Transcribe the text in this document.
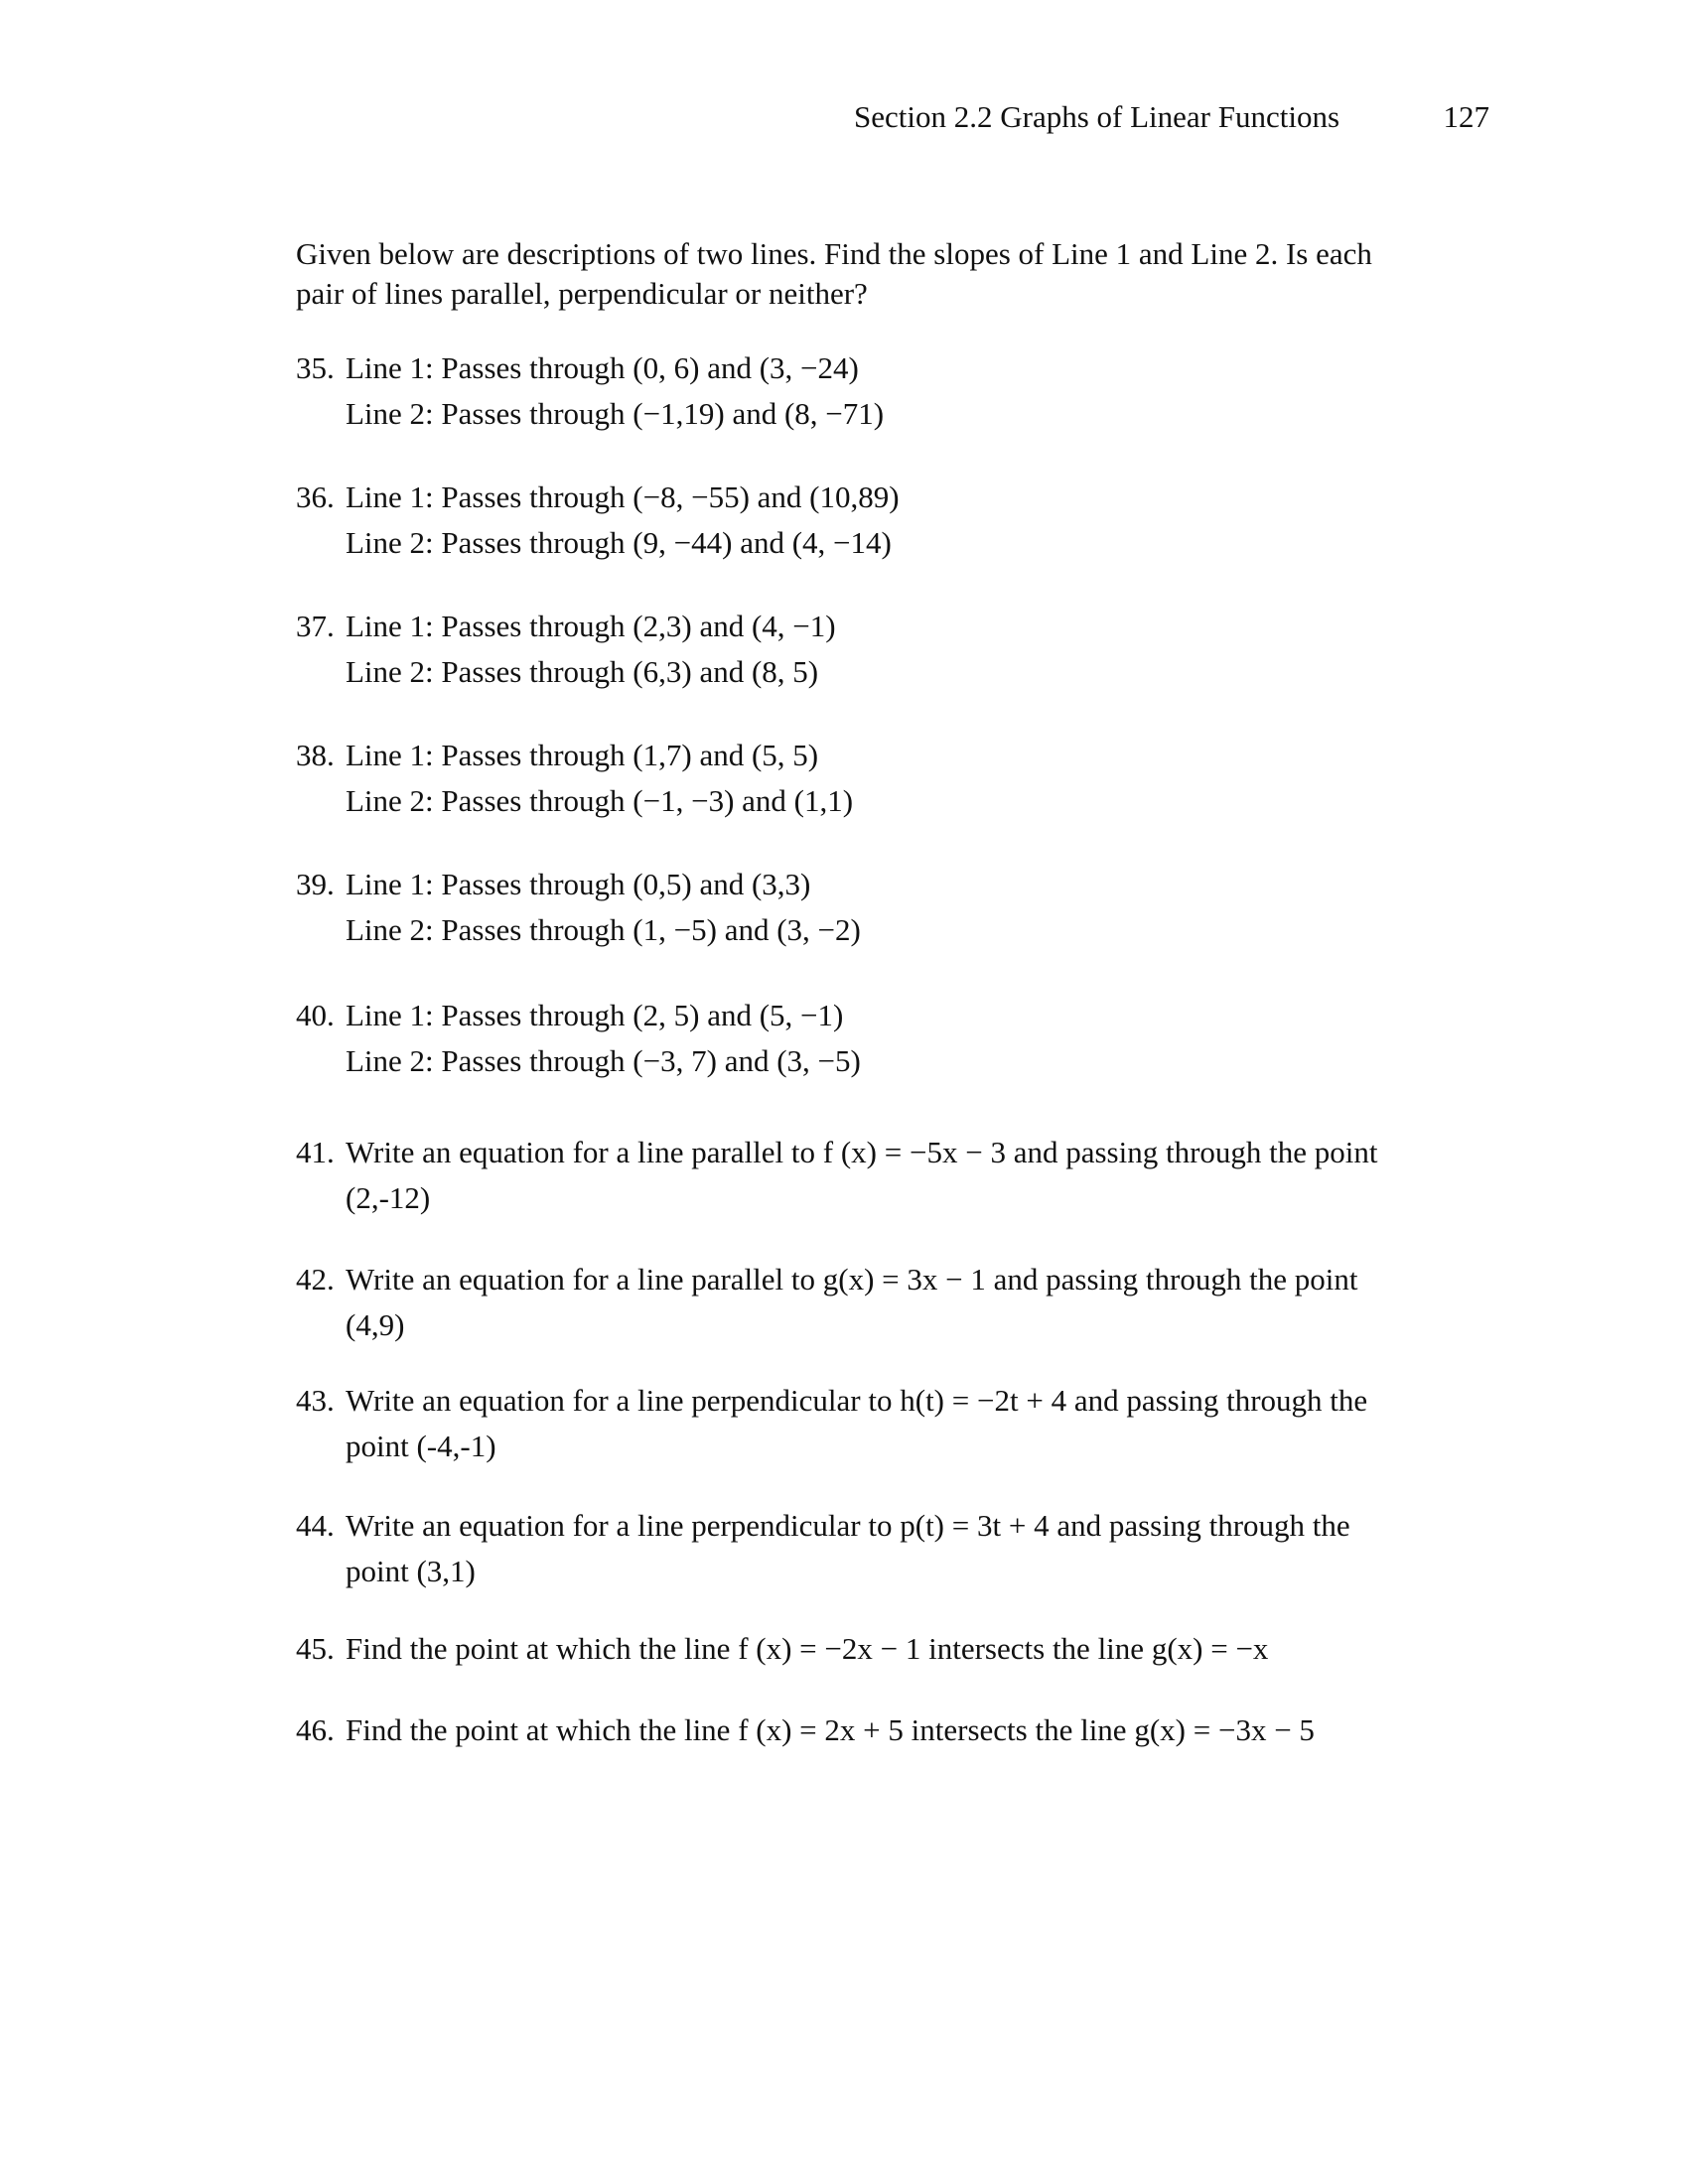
Section 2.2 Graphs of Linear Functions	127
Given below are descriptions of two lines. Find the slopes of Line 1 and Line 2. Is each
pair of lines parallel, perpendicular or neither?
35. Line 1: Passes through (0, 6) and (3, −24)
Line 2: Passes through (−1,19) and (8, −71)
36. Line 1: Passes through (−8, −55) and (10,89)
Line 2: Passes through (9, −44) and (4, −14)
37. Line 1: Passes through (2,3) and (4, −1)
Line 2: Passes through (6,3) and (8, 5)
38. Line 1: Passes through (1,7) and (5, 5)
Line 2: Passes through (−1, −3) and (1,1)
39. Line 1: Passes through (0,5) and (3,3)
Line 2: Passes through (1, −5) and (3, −2)
40. Line 1: Passes through (2, 5) and (5, −1)
Line 2: Passes through (−3, 7) and (3, −5)
41. Write an equation for a line parallel to f (x) = −5x − 3 and passing through the point
(2,-12)
42. Write an equation for a line parallel to g(x) = 3x − 1 and passing through the point
(4,9)
43. Write an equation for a line perpendicular to h(t) = −2t + 4 and passing through the
point (-4,-1)
44. Write an equation for a line perpendicular to p(t) = 3t + 4 and passing through the
point (3,1)
45. Find the point at which the line f (x) = −2x − 1 intersects the line g(x) = −x
46. Find the point at which the line f (x) = 2x + 5 intersects the line g(x) = −3x − 5
